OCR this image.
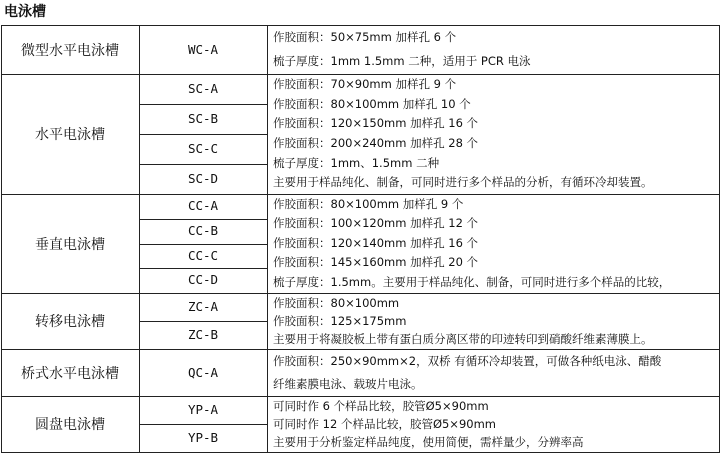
电泳槽
微型水平电泳槽	WC-A
作胶面积：50×75mm 加样孔 6 个
梳子厚度：1mm 1.5mm 二种，适用于 PCR 电泳
水平电泳槽
SC-A
SC-B
SC-C
SC-D
作胶面积：70×90mm 加样孔 9 个
作胶面积：80×100mm 加样孔 10 个
作胶面积：120×150mm 加样孔 16 个
作胶面积：200×240mm 加样孔 28 个
梳子厚度：1mm、1.5mm 二种
主要用于样品纯化、制备，可同时进行多个样品的分析，有循环冷却装置。
垂直电泳槽
CC-A
CC-B
CC-C
CC-D
作胶面积：80×100mm 加样孔 9 个
作胶面积：100×120mm 加样孔 12 个
作胶面积：120×140mm 加样孔 16 个
作胶面积：145×160mm 加样孔 20 个
梳子厚度：1.5mm。主要用于样品纯化、制备，可同时进行多个样品的比较，
转移电泳槽
ZC-A
ZC-B
作胶面积：80×100mm
作胶面积：125×175mm
主要用于将凝胶板上带有蛋白质分离区带的印迹转印到硝酸纤维素薄膜上。
桥式水平电泳槽	QC-A
作胶面积：250×90mm×2，双桥 有循环冷却装置，可做各种纸电泳、醋酸
纤维素膜电泳、载玻片电泳。
圆盘电泳槽
YP-A
YP-B
可同时作 6 个样品比较，胶管Ø5×90mm
可同时作 12 个样品比较，胶管Ø5×90mm
主要用于分析鉴定样品纯度，使用简便，需样量少，分辨率高
